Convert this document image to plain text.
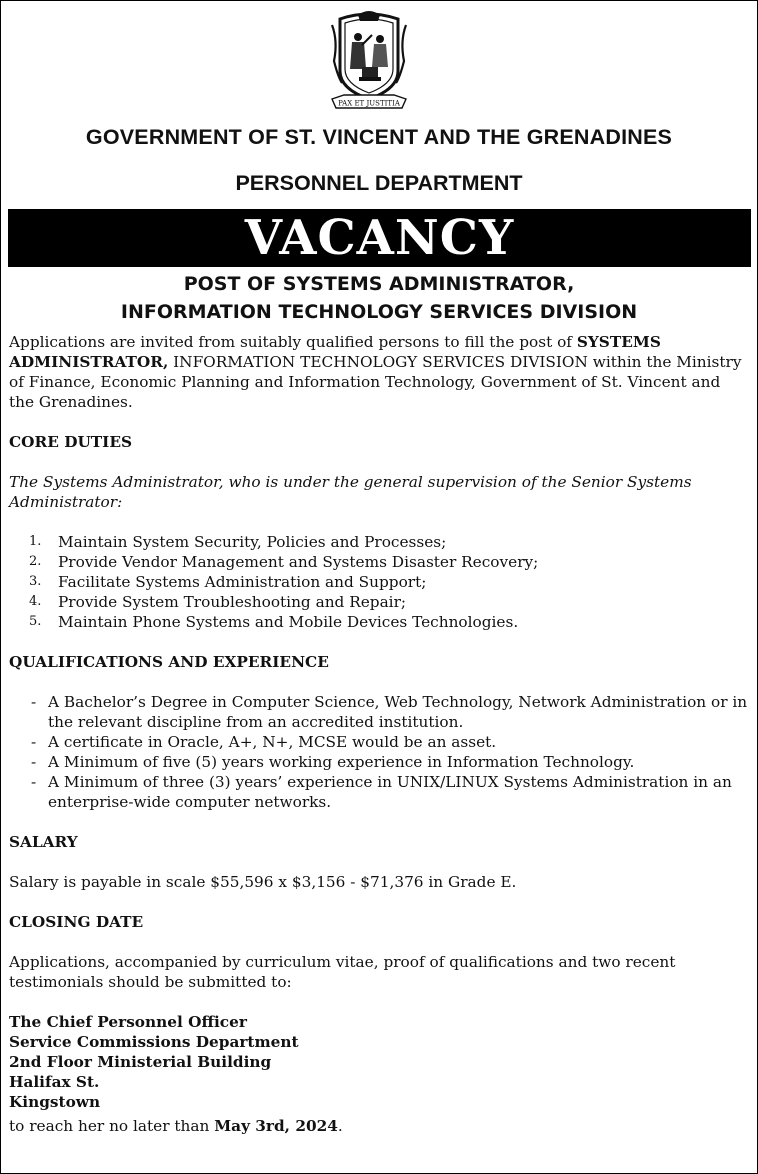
PAX ET JUSTITIA
GOVERNMENT OF ST. VINCENT AND THE GRENADINES
PERSONNEL DEPARTMENT
VACANCY
POST OF SYSTEMS ADMINISTRATOR,
INFORMATION TECHNOLOGY SERVICES DIVISION

Applications are invited from suitably qualified persons to fill the post of SYSTEMS ADMINISTRATOR, INFORMATION TECHNOLOGY SERVICES DIVISION within the Ministry of Finance, Economic Planning and Information Technology, Government of St. Vincent and the Grenadines.

CORE DUTIES

The Systems Administrator, who is under the general supervision of the Senior Systems Administrator:

1. Maintain System Security, Policies and Processes;
2. Provide Vendor Management and Systems Disaster Recovery;
3. Facilitate Systems Administration and Support;
4. Provide System Troubleshooting and Repair;
5. Maintain Phone Systems and Mobile Devices Technologies.

QUALIFICATIONS AND EXPERIENCE

- A Bachelor’s Degree in Computer Science, Web Technology, Network Administration or in the relevant discipline from an accredited institution.
- A certificate in Oracle, A+, N+, MCSE would be an asset.
- A Minimum of five (5) years working experience in Information Technology.
- A Minimum of three (3) years’ experience in UNIX/LINUX Systems Administration in an enterprise-wide computer networks.

SALARY

Salary is payable in scale $55,596 x $3,156 - $71,376 in Grade E.

CLOSING DATE

Applications, accompanied by curriculum vitae, proof of qualifications and two recent testimonials should be submitted to:

The Chief Personnel Officer

Service Commissions Department

2nd Floor Ministerial Building

Halifax St.

Kingstown

to reach her no later than May 3rd, 2024.
